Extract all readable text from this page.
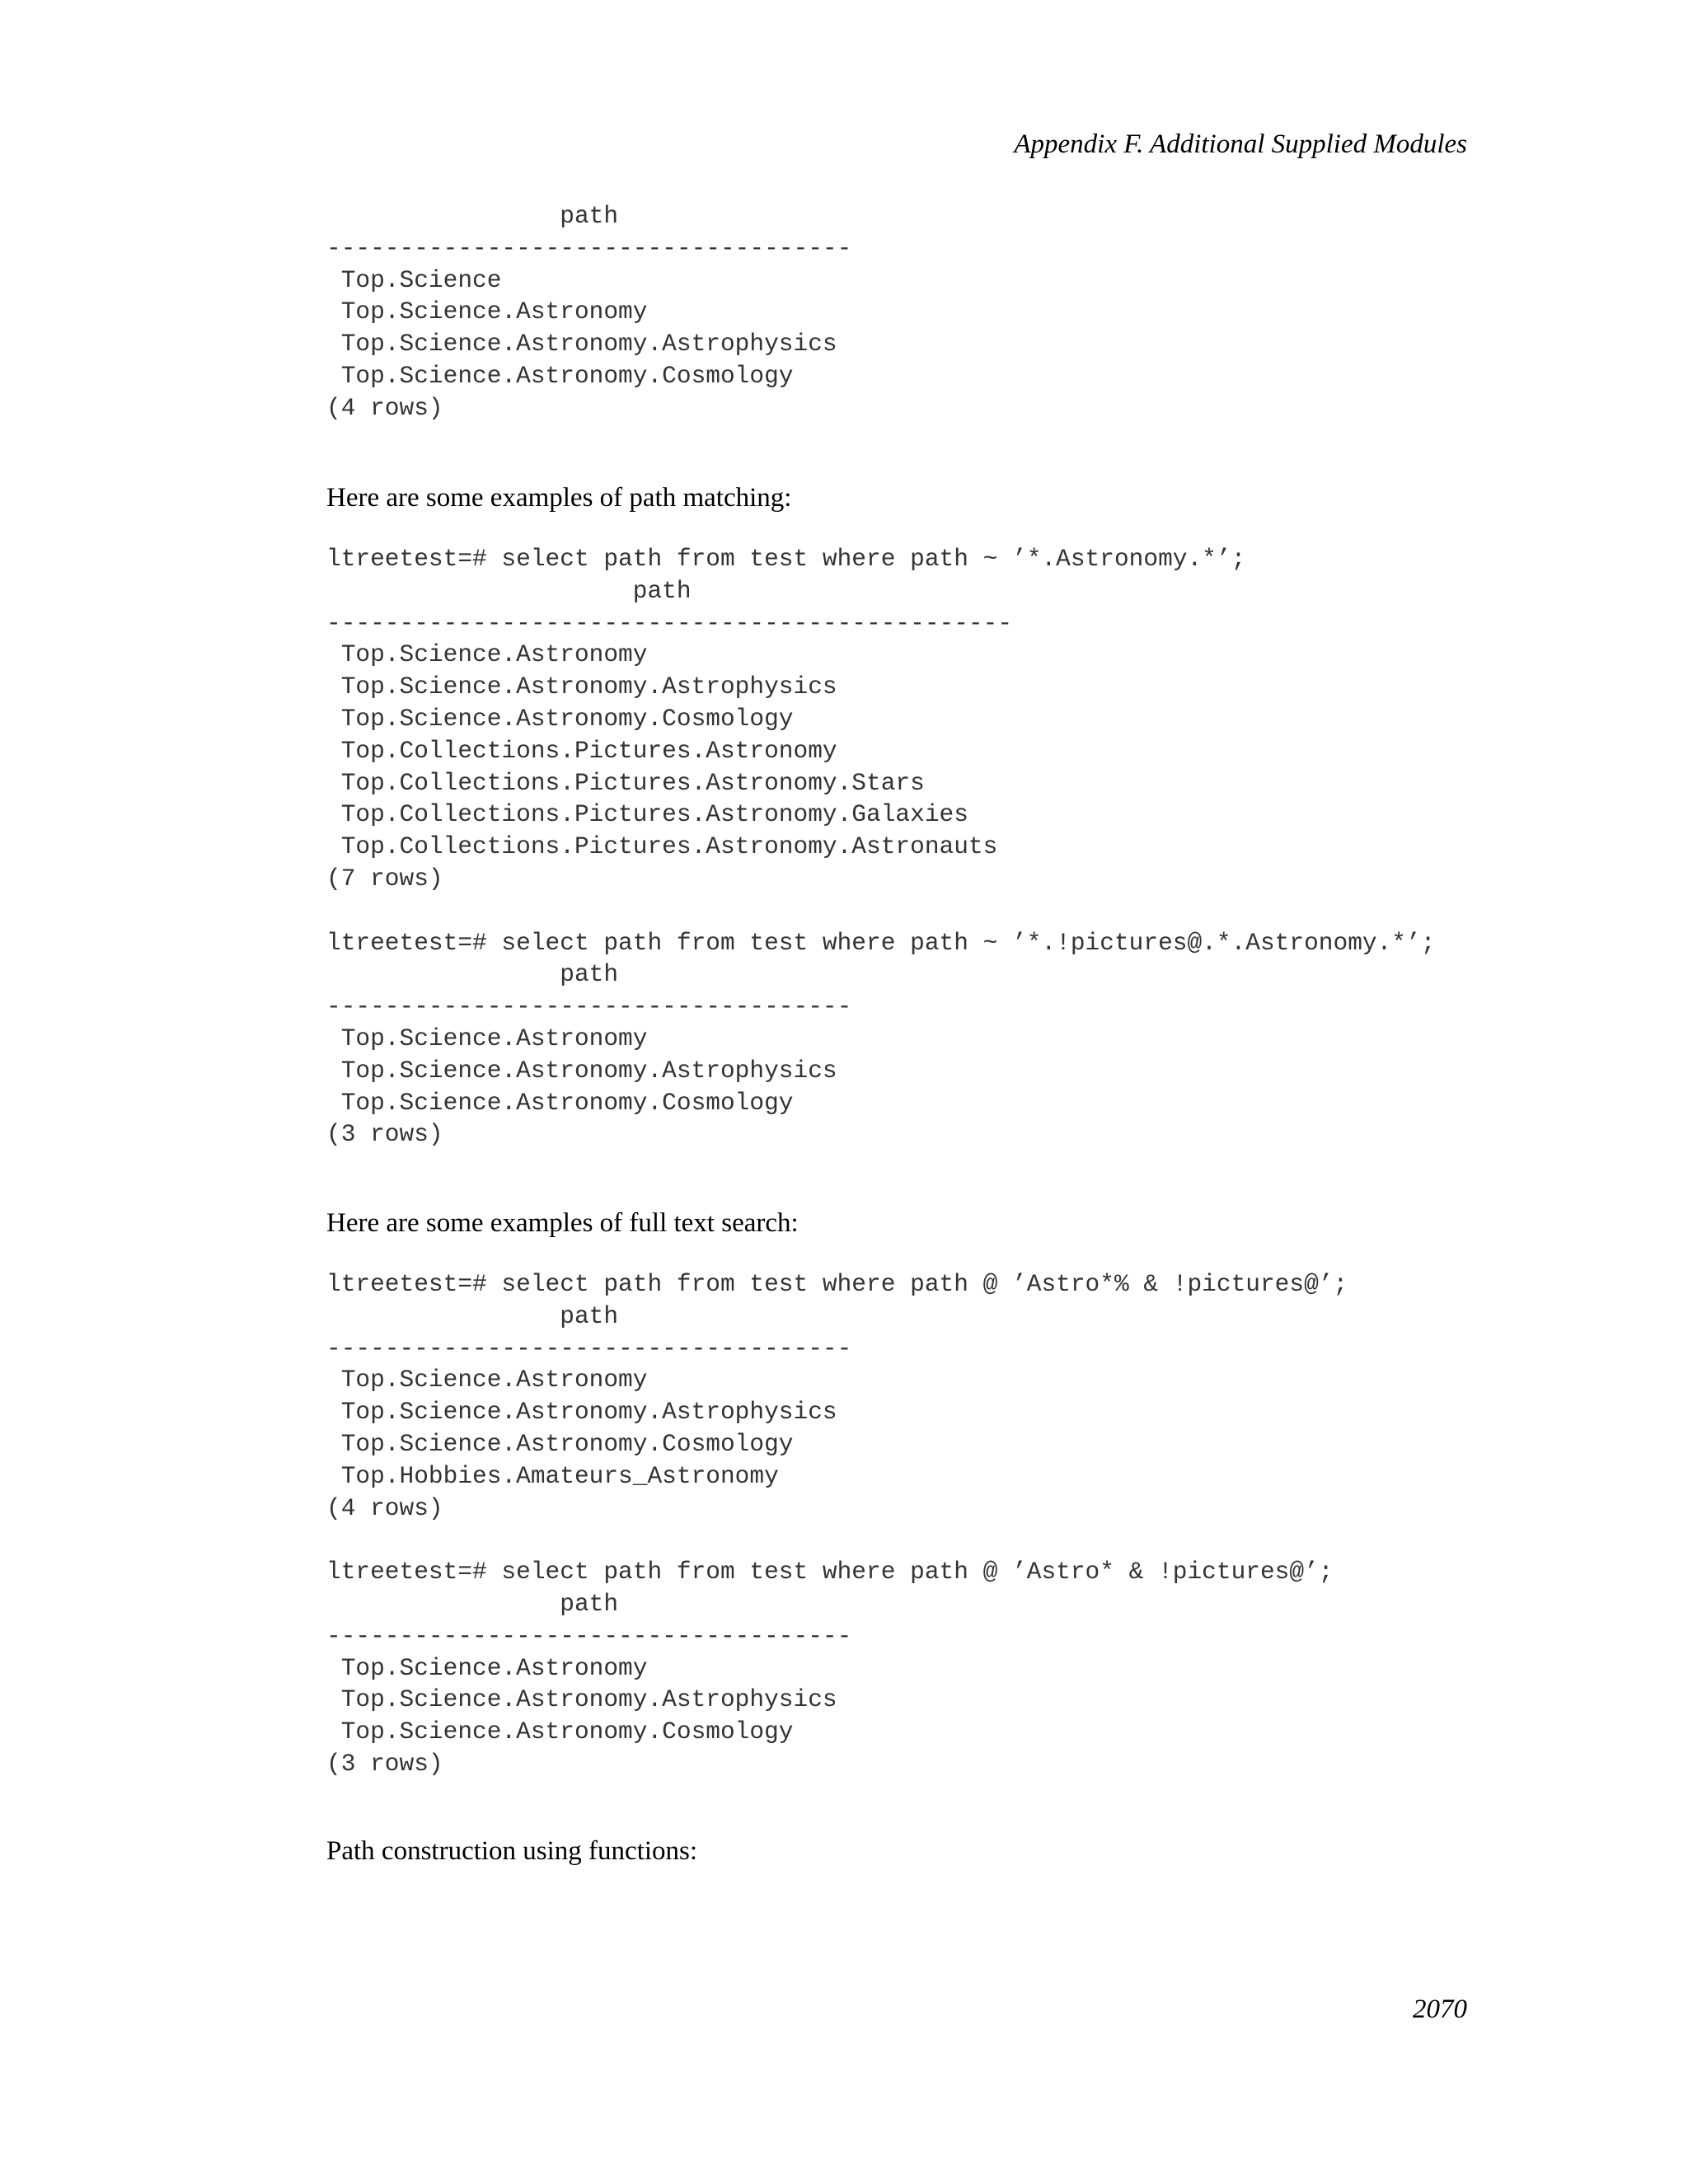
Appendix F. Additional Supplied Modules
path
------------------------------------
Top.Science
Top.Science.Astronomy
Top.Science.Astronomy.Astrophysics
Top.Science.Astronomy.Cosmology
(4 rows)

Here are some examples of path matching:

ltreetest=# select path from test where path ~ ’*.Astronomy.*’;
path
-----------------------------------------------
Top.Science.Astronomy
Top.Science.Astronomy.Astrophysics
Top.Science.Astronomy.Cosmology
Top.Collections.Pictures.Astronomy
Top.Collections.Pictures.Astronomy.Stars
Top.Collections.Pictures.Astronomy.Galaxies
Top.Collections.Pictures.Astronomy.Astronauts
(7 rows)

ltreetest=# select path from test where path ~ ’*.!pictures@.*.Astronomy.*’;
path
------------------------------------
Top.Science.Astronomy
Top.Science.Astronomy.Astrophysics
Top.Science.Astronomy.Cosmology
(3 rows)

Here are some examples of full text search:

ltreetest=# select path from test where path @ ’Astro*% & !pictures@’;
path
------------------------------------
Top.Science.Astronomy
Top.Science.Astronomy.Astrophysics
Top.Science.Astronomy.Cosmology
Top.Hobbies.Amateurs_Astronomy
(4 rows)

ltreetest=# select path from test where path @ ’Astro* & !pictures@’;
path
------------------------------------
Top.Science.Astronomy
Top.Science.Astronomy.Astrophysics
Top.Science.Astronomy.Cosmology
(3 rows)

Path construction using functions:

2070
